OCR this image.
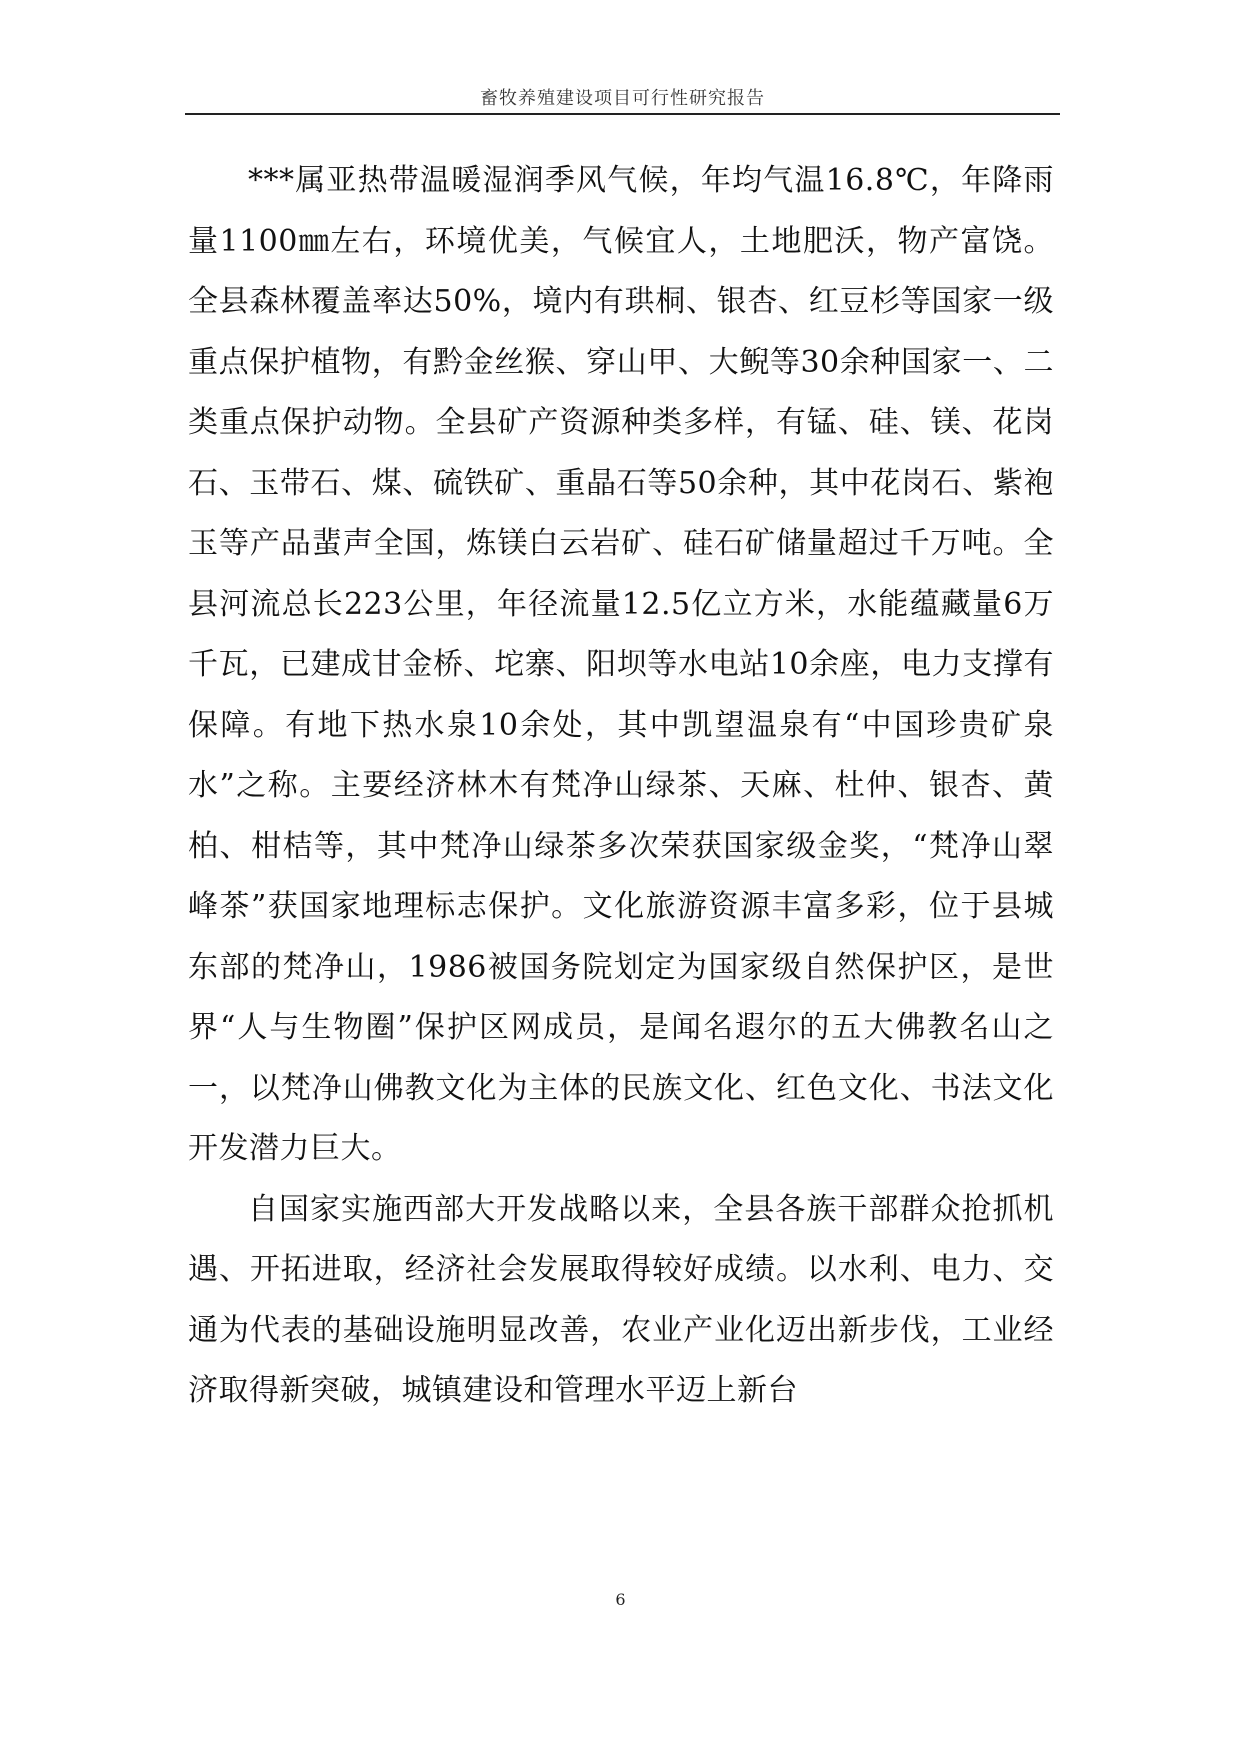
畜牧养殖建设项目可行性研究报告

***属亚热带温暖湿润季风气候，年均气温16.8℃，年降雨量1100㎜左右，环境优美，气候宜人，土地肥沃，物产富饶。全县森林覆盖率达50%，境内有珙桐、银杏、红豆杉等国家一级重点保护植物，有黔金丝猴、穿山甲、大鲵等30余种国家一、二类重点保护动物。全县矿产资源种类多样，有锰、硅、镁、花岗石、玉带石、煤、硫铁矿、重晶石等50余种，其中花岗石、紫袍玉等产品蜚声全国，炼镁白云岩矿、硅石矿储量超过千万吨。全县河流总长223公里，年径流量12.5亿立方米，水能蕴藏量6万千瓦，已建成甘金桥、坨寨、阳坝等水电站10余座，电力支撑有保障。有地下热水泉10余处，其中凯望温泉有“中国珍贵矿泉水”之称。主要经济林木有梵净山绿茶、天麻、杜仲、银杏、黄柏、柑桔等，其中梵净山绿茶多次荣获国家级金奖，“梵净山翠峰茶”获国家地理标志保护。文化旅游资源丰富多彩，位于县城东部的梵净山，1986被国务院划定为国家级自然保护区，是世界“人与生物圈”保护区网成员，是闻名遐尔的五大佛教名山之一，以梵净山佛教文化为主体的民族文化、红色文化、书法文化开发潜力巨大。

自国家实施西部大开发战略以来，全县各族干部群众抢抓机遇、开拓进取，经济社会发展取得较好成绩。以水利、电力、交通为代表的基础设施明显改善，农业产业化迈出新步伐，工业经济取得新突破，城镇建设和管理水平迈上新台

6
